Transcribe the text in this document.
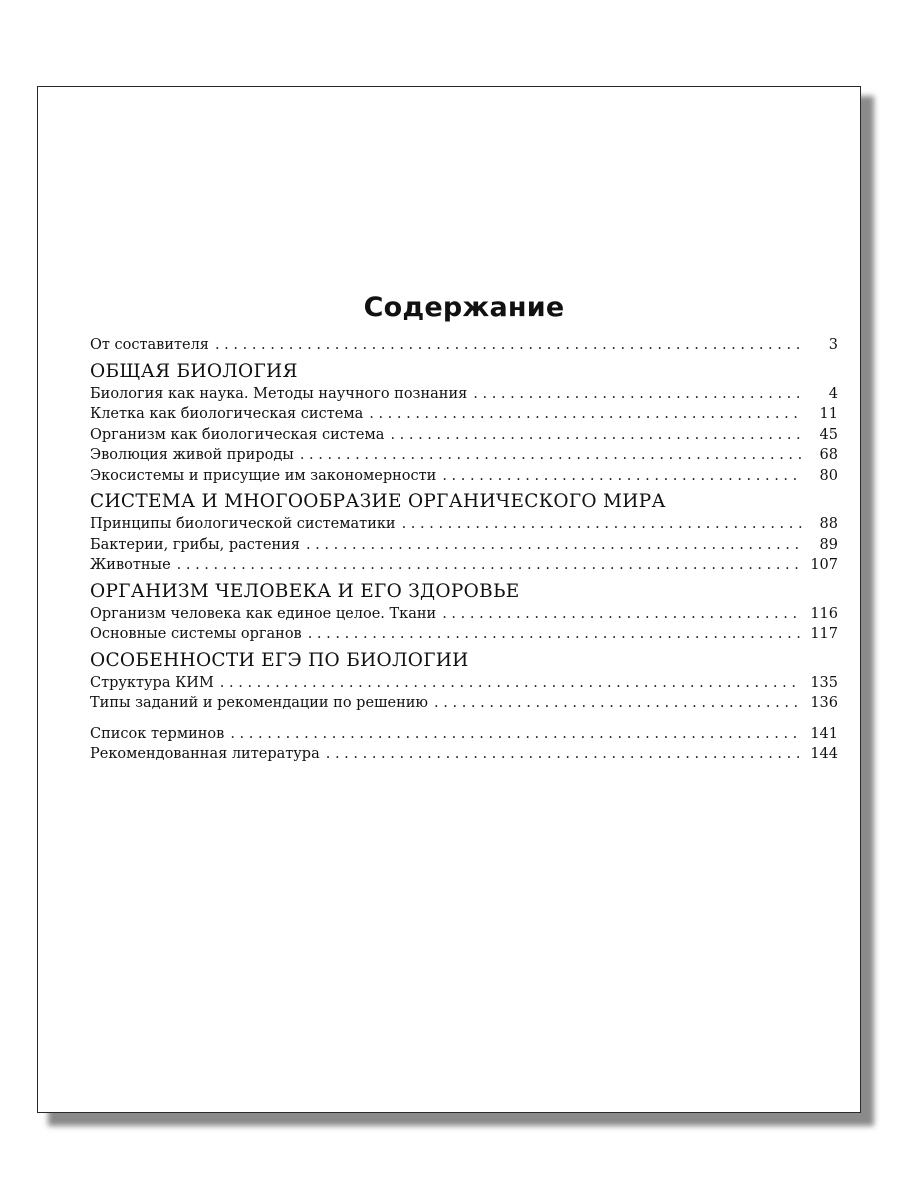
Содержание
От составителя . . .	3
ОБЩАЯ БИОЛОГИЯ
Биология как наука. Методы научного познания . . .	4
Клетка как биологическая система . . .	11
Организм как биологическая система . . .	45
Эволюция живой природы . . .	68
Экосистемы и присущие им закономерности . . .	80
СИСТЕМА И МНОГООБРАЗИЕ ОРГАНИЧЕСКОГО МИРА
Принципы биологической систематики . . .	88
Бактерии, грибы, растения . . .	89
Животные . . .	107
ОРГАНИЗМ ЧЕЛОВЕКА И ЕГО ЗДОРОВЬЕ
Организм человека как единое целое. Ткани . . .	116
Основные системы органов . . .	117
ОСОБЕННОСТИ ЕГЭ ПО БИОЛОГИИ
Структура КИМ . . .	135
Типы заданий и рекомендации по решению . . .	136
Список терминов . . .	141
Рекомендованная литература . . .	144
